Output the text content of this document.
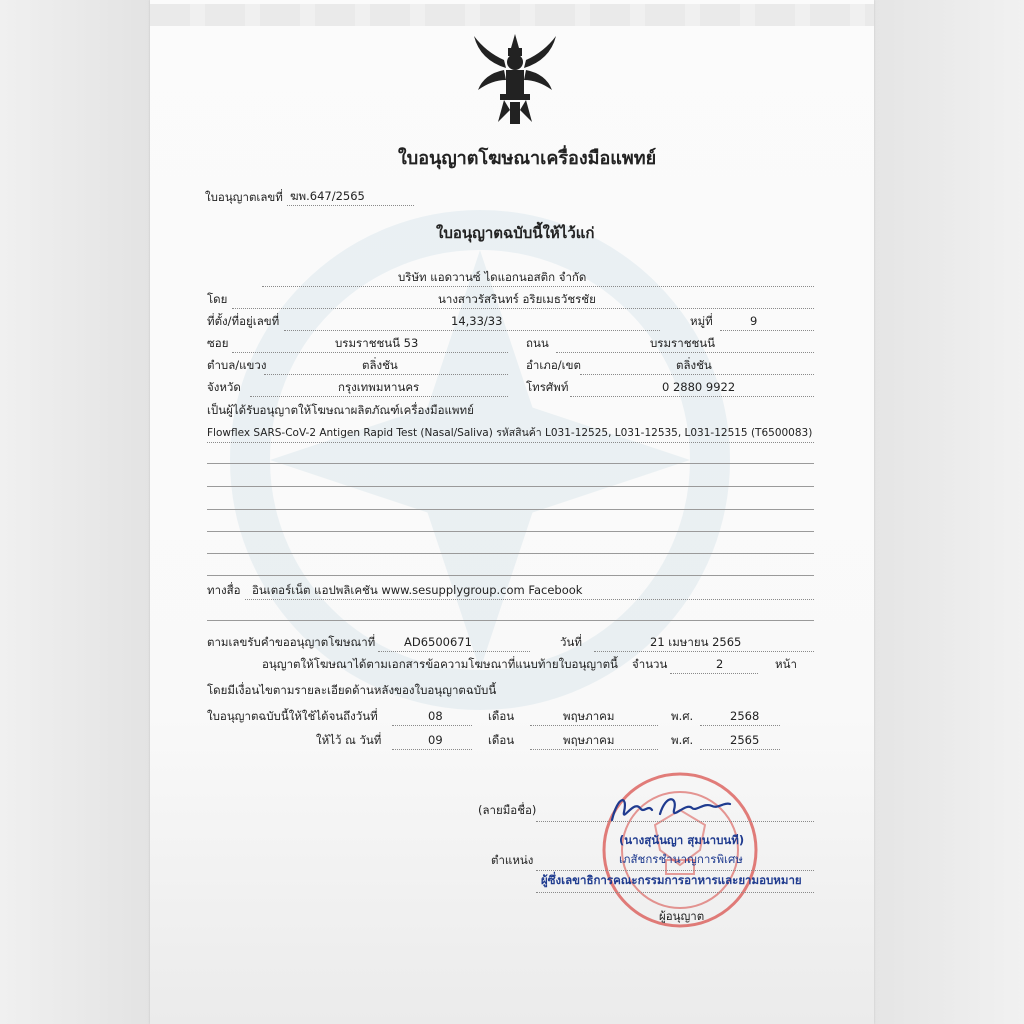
ใบอนุญาตโฆษณาเครื่องมือแพทย์
ใบอนุญาตเลขที่ ฆพ.647/2565
ใบอนุญาตฉบับนี้ให้ไว้แก่
บริษัท แอดวานซ์ ไดแอกนอสติก จำกัด
โดย	นางสาวรัสรินทร์ อริยเมธวัชรชัย
ที่ตั้ง/ที่อยู่เลขที่	14,33/33	หมู่ที่	9
ซอย	บรมราชชนนี 53	ถนน	บรมราชชนนี
ตำบล/แขวง	ตลิ่งชัน	อำเภอ/เขต	ตลิ่งชัน
จังหวัด	กรุงเทพมหานคร	โทรศัพท์	0 2880 9922
เป็นผู้ได้รับอนุญาตให้โฆษณาผลิตภัณฑ์เครื่องมือแพทย์
Flowflex SARS-CoV-2 Antigen Rapid Test (Nasal/Saliva) รหัสสินค้า L031-12525, L031-12535, L031-12515 (T6500083)
ทางสื่อ อินเตอร์เน็ต แอปพลิเคชัน www.sesupplygroup.com Facebook
ตามเลขรับคำขออนุญาตโฆษณาที่	AD6500671	วันที่	21 เมษายน 2565
อนุญาตให้โฆษณาได้ตามเอกสารข้อความโฆษณาที่แนบท้ายใบอนุญาตนี้ จำนวน	2	หน้า
โดยมีเงื่อนไขตามรายละเอียดด้านหลังของใบอนุญาตฉบับนี้
ใบอนุญาตฉบับนี้ให้ใช้ได้จนถึงวันที่	08	เดือน	พฤษภาคม	พ.ศ.	2568
ให้ไว้ ณ วันที่	09	เดือน	พฤษภาคม	พ.ศ.	2565
(ลายมือชื่อ)
(นางสุนันญา สุมนาบนที)
เภสัชกรชำนาญการพิเศษ
ตำแหน่ง
ผู้ซึ่งเลขาธิการคณะกรรมการอาหารและยามอบหมาย
ผู้อนุญาต
